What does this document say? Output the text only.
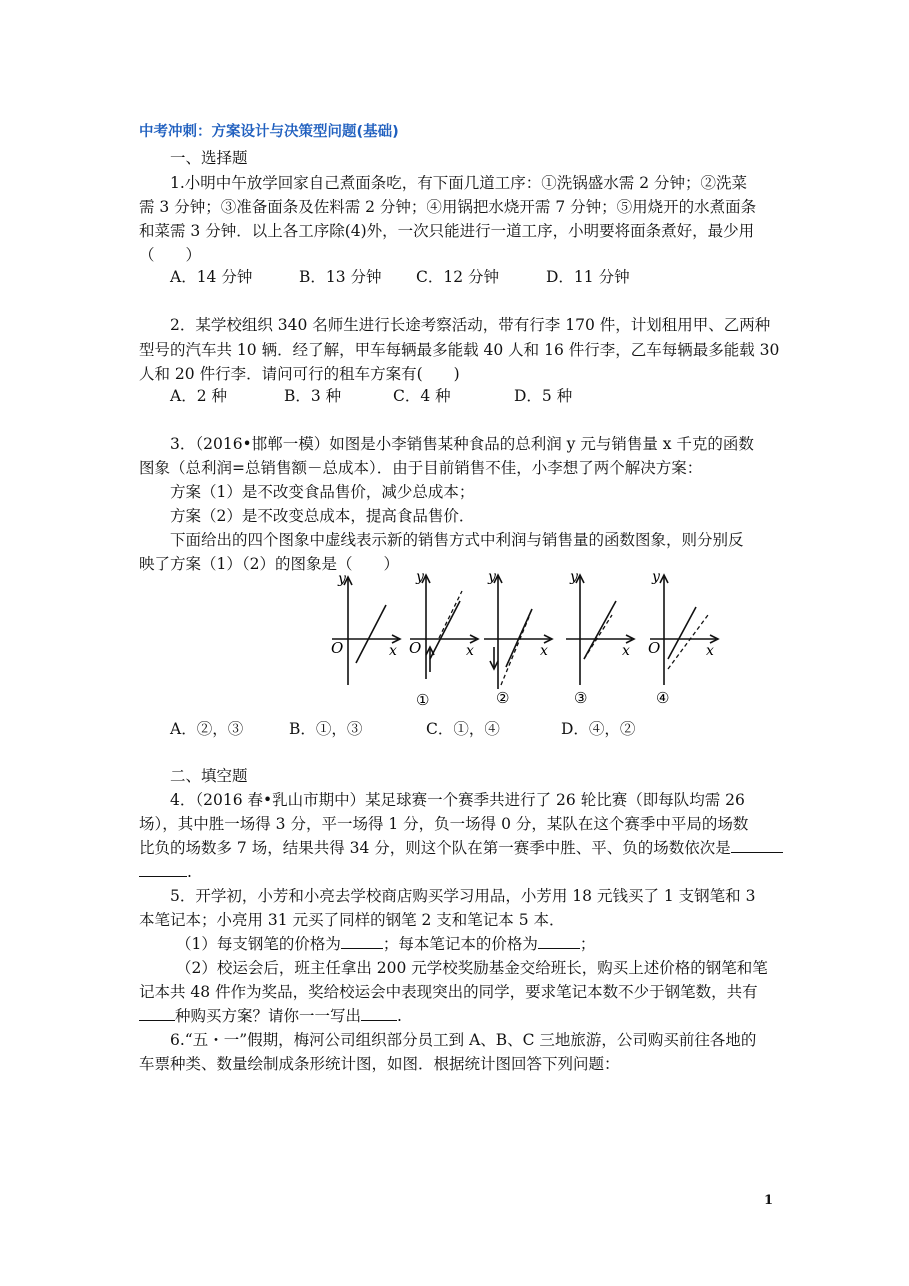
中考冲刺：方案设计与决策型问题(基础)
一、选择题
1.小明中午放学回家自己煮面条吃，有下面几道工序：①洗锅盛水需 2 分钟；②洗菜
需 3 分钟；③准备面条及佐料需 2 分钟；④用锅把水烧开需 7 分钟；⑤用烧开的水煮面条
和菜需 3 分钟．以上各工序除(4)外，一次只能进行一道工序，小明要将面条煮好，最少用
（　　）
A．14 分钟	B．13 分钟 C．12 分钟	D．11 分钟
2．某学校组织 340 名师生进行长途考察活动，带有行李 170 件，计划租用甲、乙两种
型号的汽车共 10 辆．经了解，甲车每辆最多能载 40 人和 16 件行李，乙车每辆最多能载 30
人和 20 件行李．请问可行的租车方案有(　　)
A．2 种	B．3 种	C．4 种	D．5 种
3．（2016•邯郸一模）如图是小李销售某种食品的总利润 y 元与销售量 x 千克的函数
图象（总利润=总销售额－总成本）．由于目前销售不佳，小李想了两个解决方案：
方案（1）是不改变食品售价，减少总成本；
方案（2）是不改变总成本，提高食品售价．
下面给出的四个图象中虚线表示新的销售方式中利润与销售量的函数图象，则分别反
映了方案（1）（2）的图象是（　　）
y
x
O
y
x
O
①
y
x
②
y
x
③
y
x
O
④
A．②，③	B．①，③	C．①，④	D．④，②
二、填空题
4．（2016 春•乳山市期中）某足球赛一个赛季共进行了 26 轮比赛（即每队均需 26
场），其中胜一场得 3 分，平一场得 1 分，负一场得 0 分，某队在这个赛季中平局的场数
比负的场数多 7 场，结果共得 34 分，则这个队在第一赛季中胜、平、负的场数依次是
.
5．开学初，小芳和小亮去学校商店购买学习用品，小芳用 18 元钱买了 1 支钢笔和 3
本笔记本；小亮用 31 元买了同样的钢笔 2 支和笔记本 5 本．
（1）每支钢笔的价格为	；每本笔记本的价格为	；
（2）校运会后，班主任拿出 200 元学校奖励基金交给班长，购买上述价格的钢笔和笔
记本共 48 件作为奖品，奖给校运会中表现突出的同学，要求笔记本数不少于钢笔数，共有
种购买方案？请你一一写出 .
6.“五・一”假期，梅河公司组织部分员工到 A、B、C 三地旅游，公司购买前往各地的
车票种类、数量绘制成条形统计图，如图．根据统计图回答下列问题：
1
